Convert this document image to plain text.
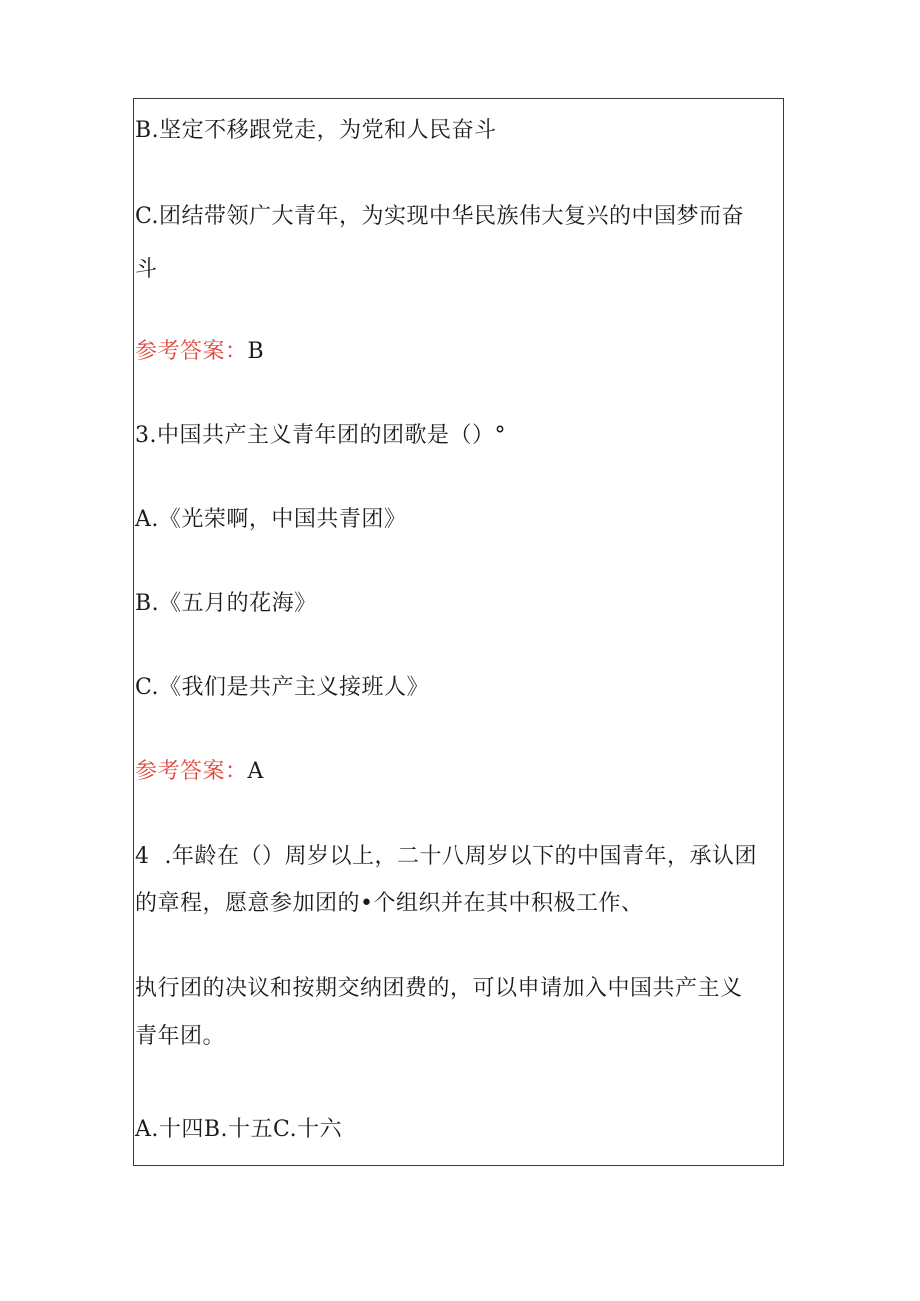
B.坚定不移跟党走，为党和人民奋斗
C.团结带领广大青年，为实现中华民族伟大复兴的中国梦而奋
斗
参考答案：B
3.中国共产主义青年团的团歌是（）°
A.《光荣啊，中国共青团》
B.《五月的花海》
C.《我们是共产主义接班人》
参考答案：A
4  .年龄在（）周岁以上，二十八周岁以下的中国青年，承认团
的章程，愿意参加团的•个组织并在其中积极工作、
执行团的决议和按期交纳团费的，可以申请加入中国共产主义
青年团。
A.十四B.十五C.十六
